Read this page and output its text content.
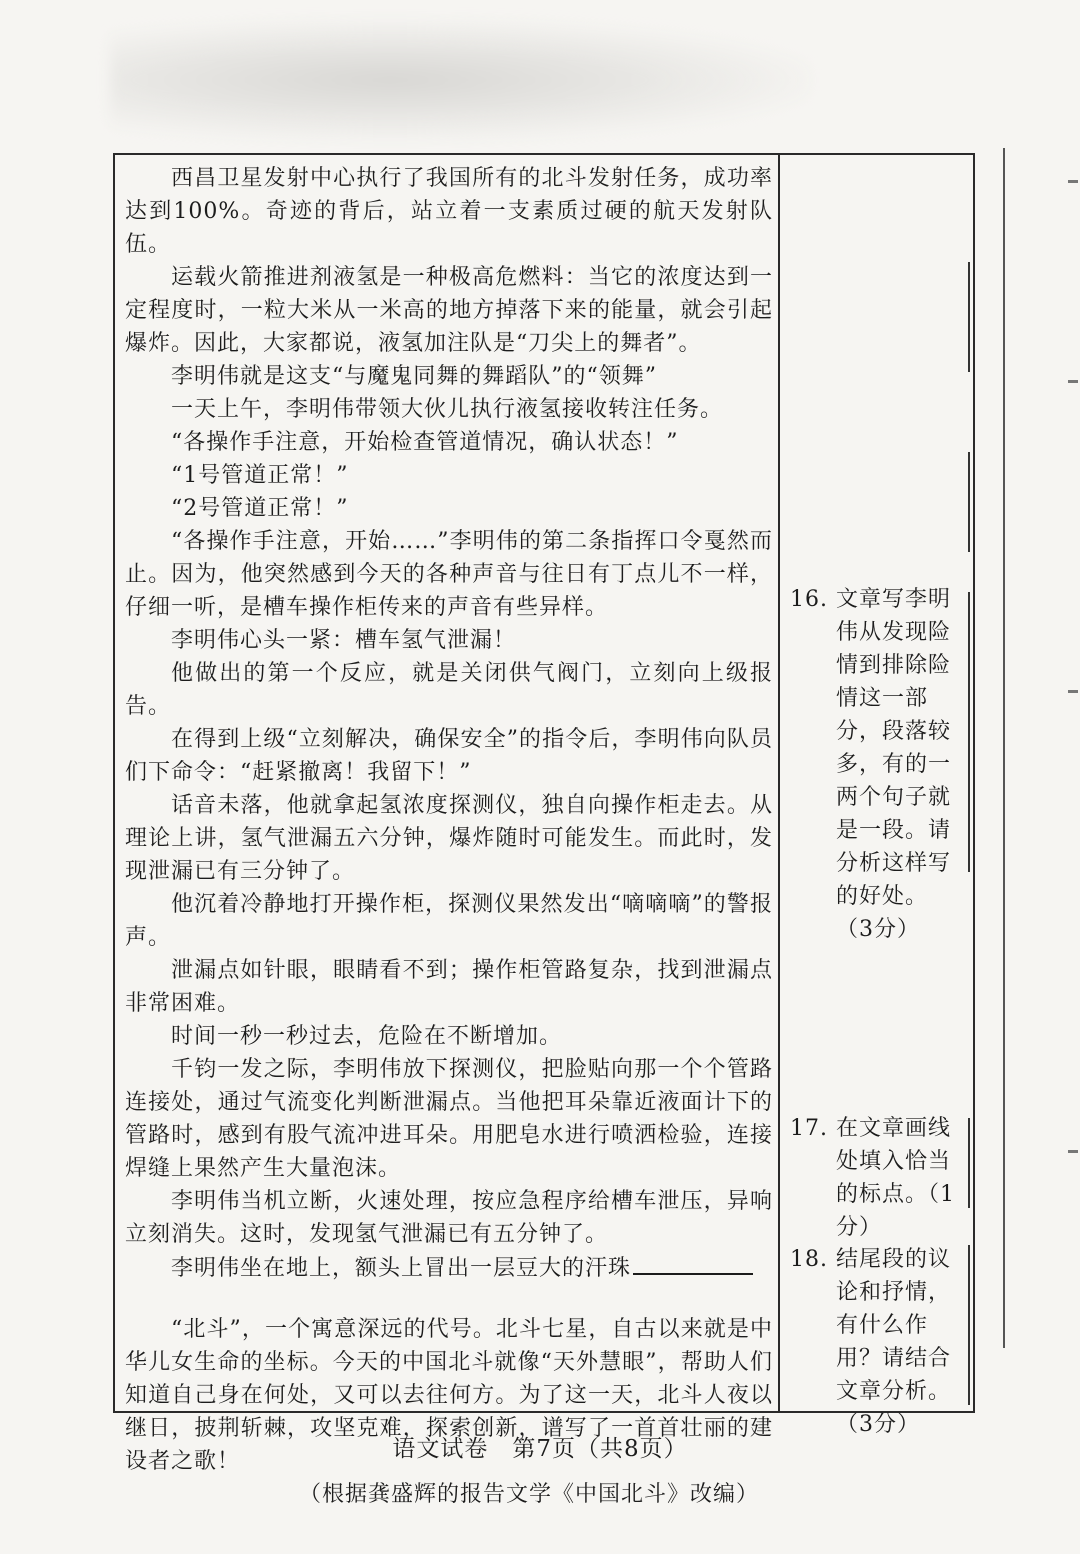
西昌卫星发射中心执行了我国所有的北斗发射任务，成功率达到100%。奇迹的背后，站立着一支素质过硬的航天发射队伍。

运载火箭推进剂液氢是一种极高危燃料：当它的浓度达到一定程度时，一粒大米从一米高的地方掉落下来的能量，就会引起爆炸。因此，大家都说，液氢加注队是“刀尖上的舞者”。

李明伟就是这支“与魔鬼同舞的舞蹈队”的“领舞”

一天上午，李明伟带领大伙儿执行液氢接收转注任务。

“各操作手注意，开始检查管道情况，确认状态！”

“1号管道正常！”

“2号管道正常！”

“各操作手注意，开始……”李明伟的第二条指挥口令戛然而止。因为，他突然感到今天的各种声音与往日有丁点儿不一样，仔细一听，是槽车操作柜传来的声音有些异样。

李明伟心头一紧：槽车氢气泄漏！

他做出的第一个反应，就是关闭供气阀门，立刻向上级报告。

在得到上级“立刻解决，确保安全”的指令后，李明伟向队员们下命令：“赶紧撤离！我留下！”

话音未落，他就拿起氢浓度探测仪，独自向操作柜走去。从理论上讲，氢气泄漏五六分钟，爆炸随时可能发生。而此时，发现泄漏已有三分钟了。

他沉着冷静地打开操作柜，探测仪果然发出“嘀嘀嘀”的警报声。

泄漏点如针眼，眼睛看不到；操作柜管路复杂，找到泄漏点非常困难。

时间一秒一秒过去，危险在不断增加。

千钧一发之际，李明伟放下探测仪，把脸贴向那一个个管路连接处，通过气流变化判断泄漏点。当他把耳朵靠近液面计下的管路时，感到有股气流冲进耳朵。用肥皂水进行喷洒检验，连接焊缝上果然产生大量泡沫。

李明伟当机立断，火速处理，按应急程序给槽车泄压，异响立刻消失。这时，发现氢气泄漏已有五分钟了。

李明伟坐在地上，额头上冒出一层豆大的汗珠

“北斗”，一个寓意深远的代号。北斗七星，自古以来就是中华儿女生命的坐标。今天的中国北斗就像“天外慧眼”，帮助人们知道自己身在何处，又可以去往何方。为了这一天，北斗人夜以继日，披荆斩棘，攻坚克难，探索创新，谱写了一首首壮丽的建设者之歌！

（根据龚盛辉的报告文学《中国北斗》改编）

16. 文章写李明伟从发现险情到排除险情这一部分，段落较多，有的一两个句子就是一段。请分析这样写的好处。
（3分）
17. 在文章画线处填入恰当的标点。（1分）
18. 结尾段的议论和抒情，有什么作用？请结合文章分析。
（3分）
语文试卷　第7页（共8页）
